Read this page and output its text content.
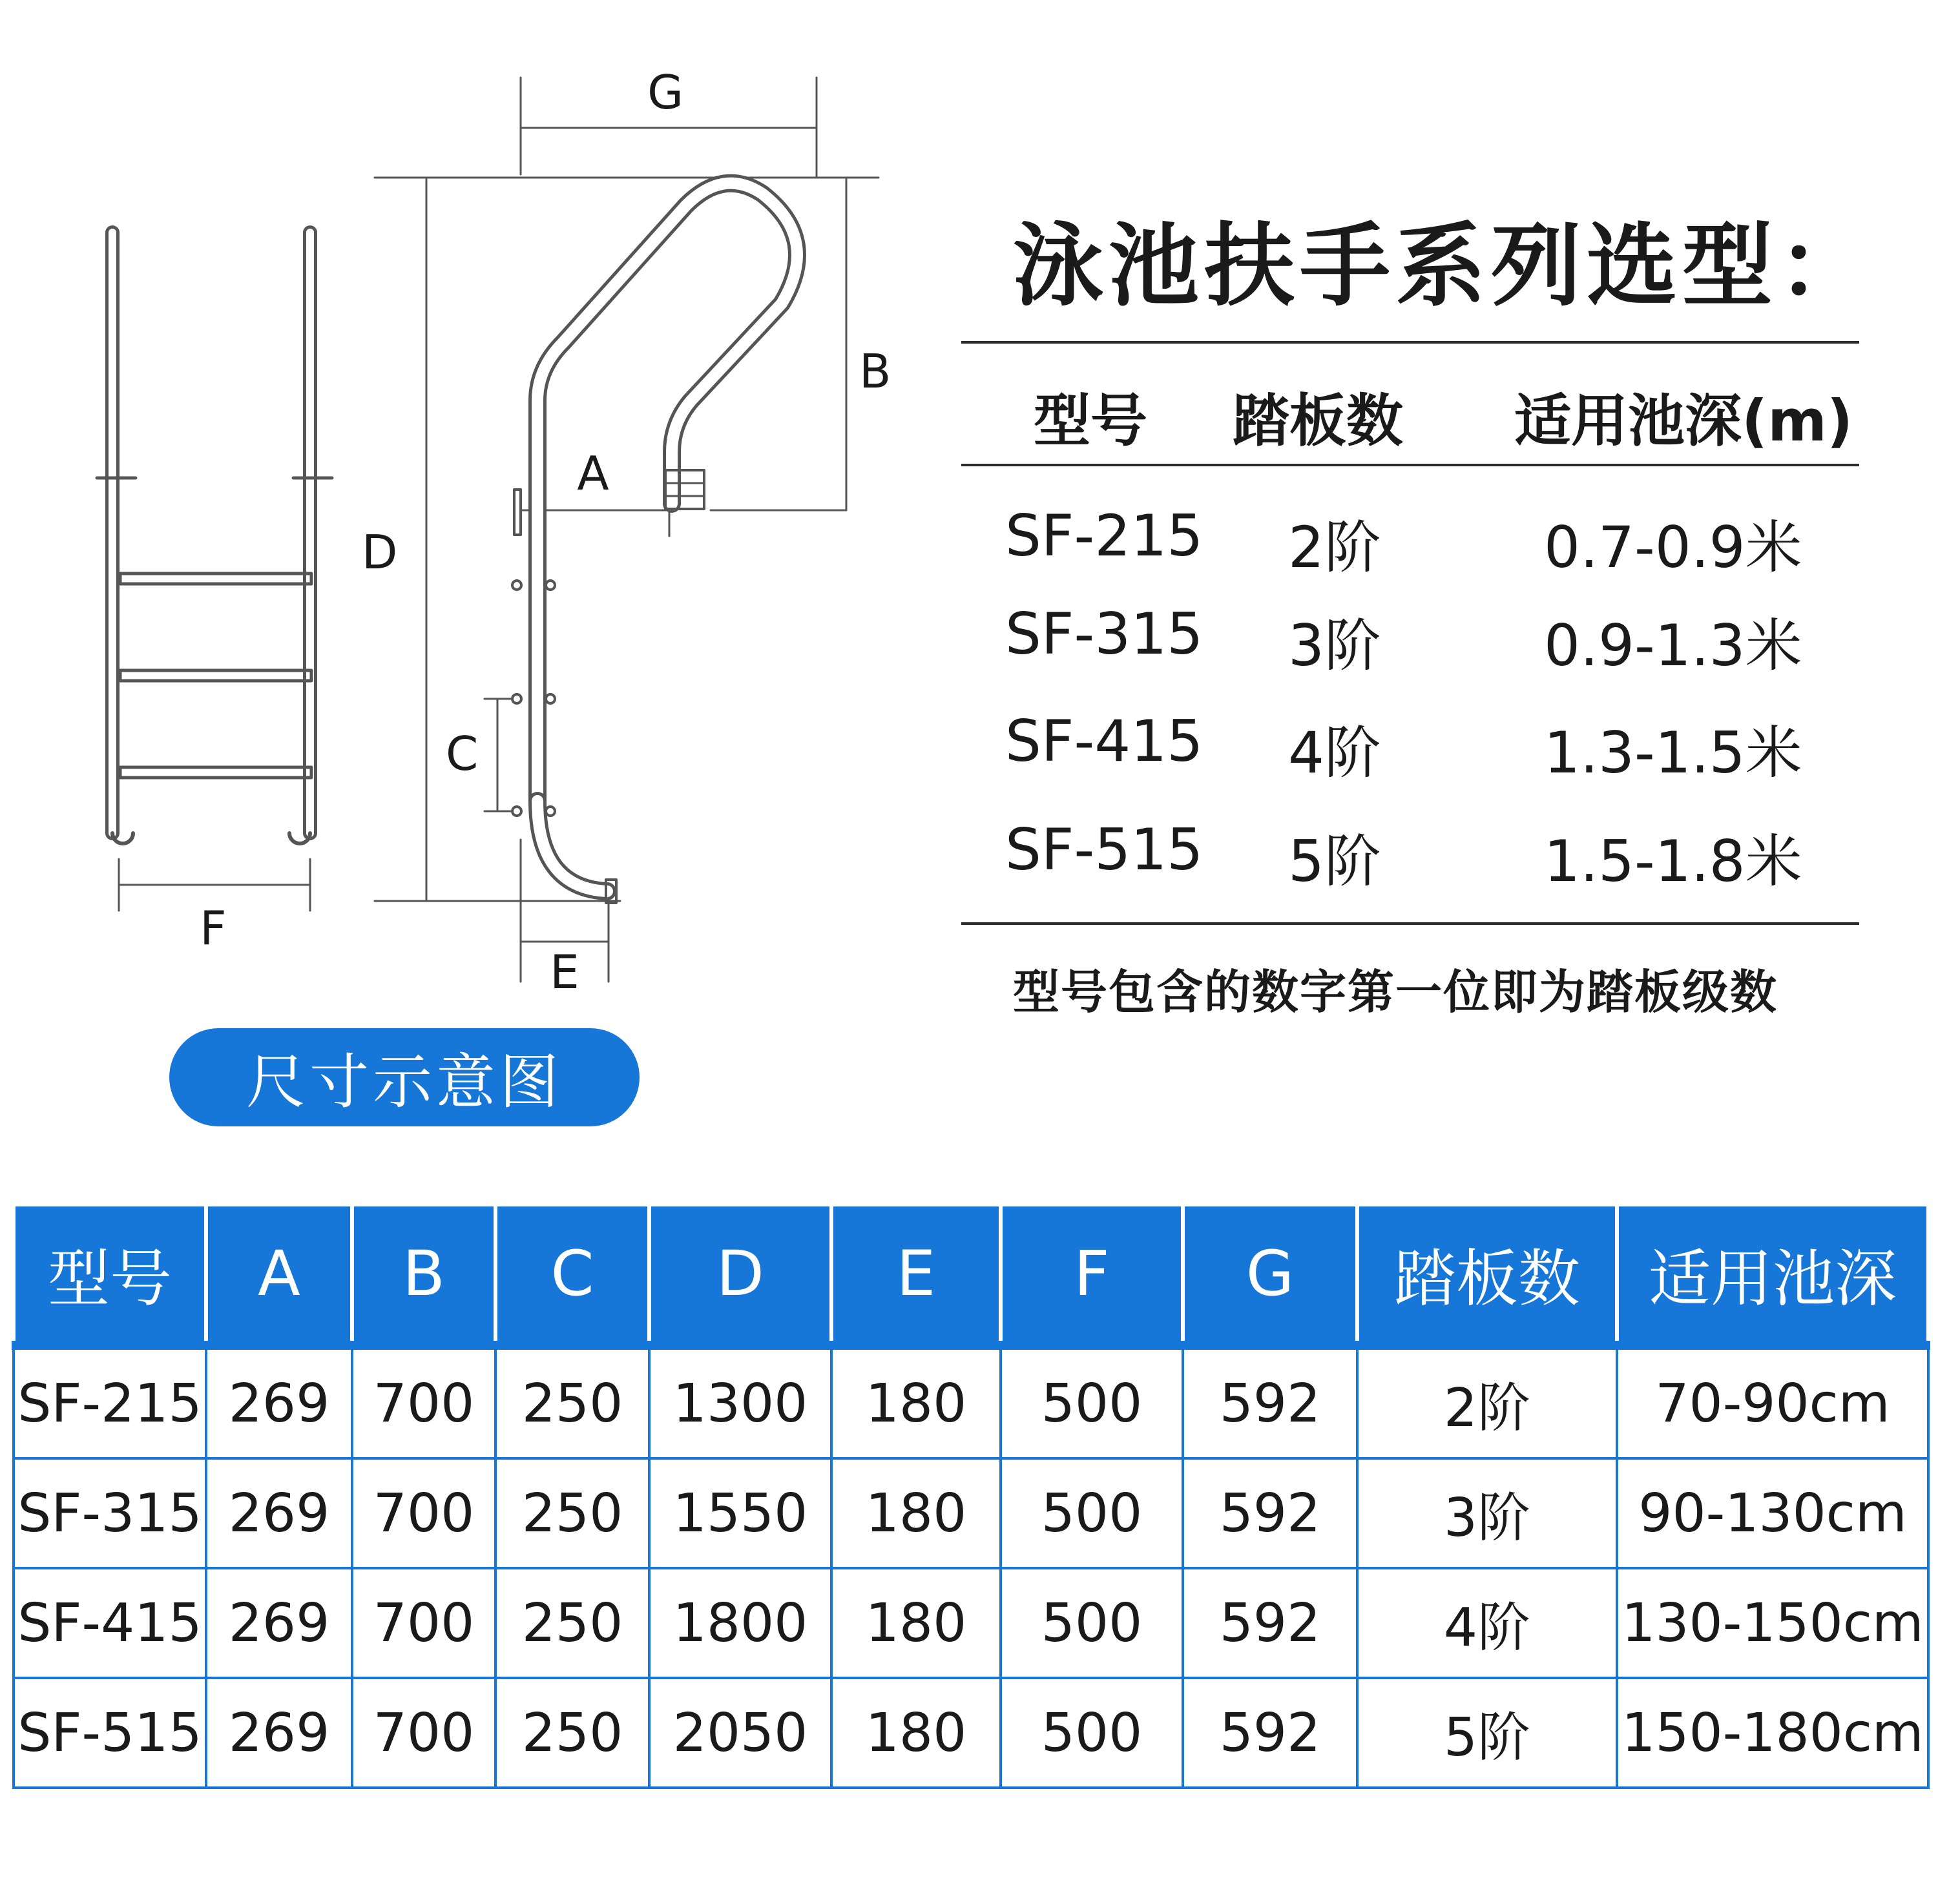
G
B
A
D
C
F
E
尺寸示意图
泳池扶手系列选型：
型号 踏板数 适用池深(m)
SF-215 2阶	0.7-0.9米
SF-315 3阶	0.9-1.3米
SF-415 4阶	1.3-1.5米
SF-515 5阶	1.5-1.8米
型号包含的数字第一位即为踏板级数
型号	A	B	C	D	E	F	G	踏板数	适用池深
SF-215	269	700	250	1300	180	500	592	2阶	70-90cm
SF-315	269	700	250	1550	180	500	592	3阶	90-130cm
SF-415	269	700	250	1800	180	500	592	4阶	130-150cm
SF-515	269	700	250	2050	180	500	592	5阶	150-180cm
